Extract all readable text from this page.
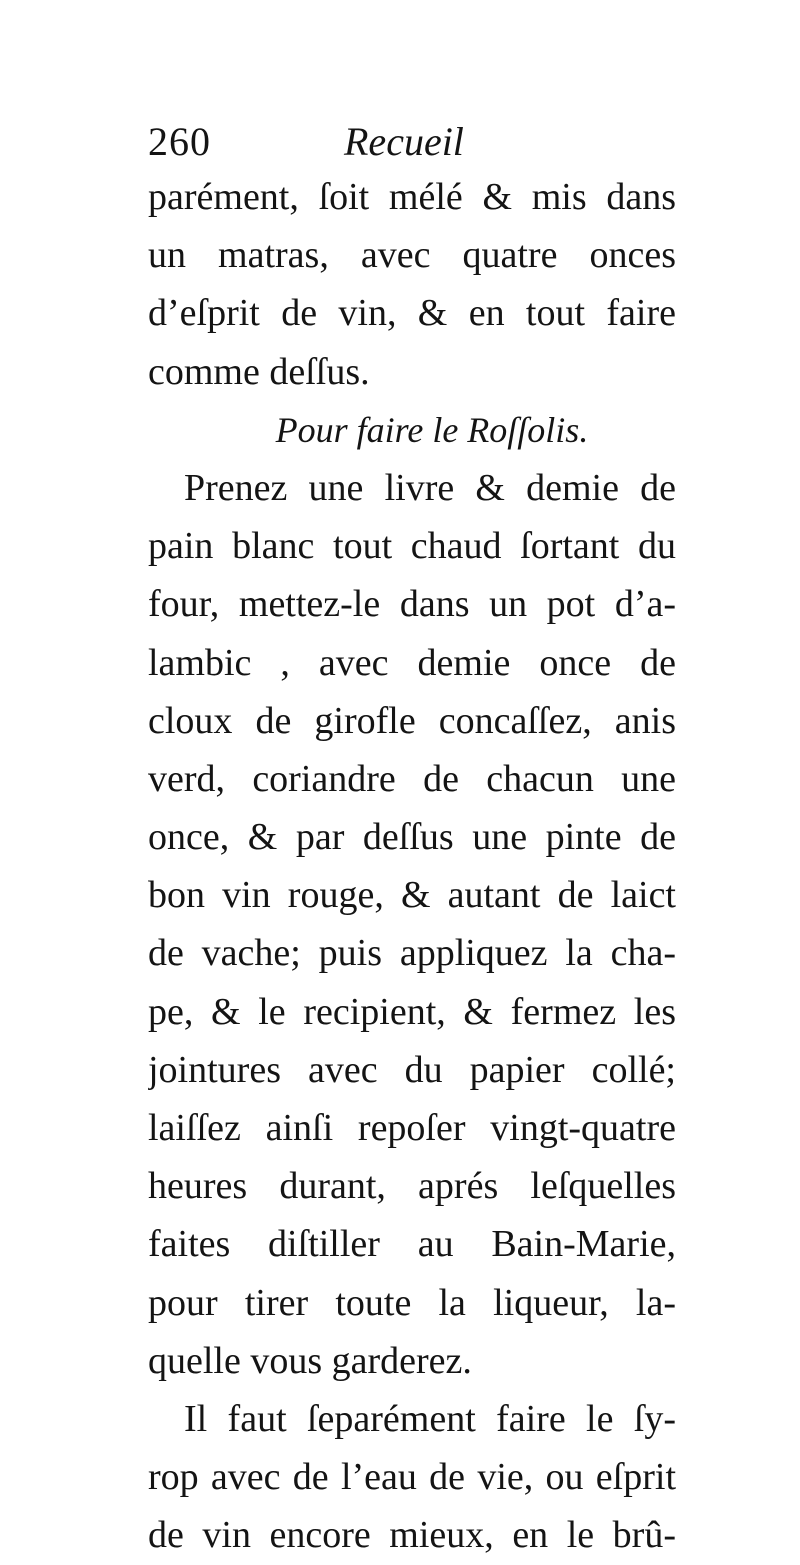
260	Recueil
parément, ſoit mélé & mis dans
un matras, avec quatre onces
d’eſprit de vin, & en tout faire
comme deſſus.
Pour faire le Roſſolis.
Prenez une livre & demie de
pain blanc tout chaud ſortant du
four, mettez-le dans un pot d’a-
lambic , avec demie once de
cloux de girofle concaſſez, anis
verd, coriandre de chacun une
once, & par deſſus une pinte de
bon vin rouge, & autant de laict
de vache; puis appliquez la cha-
pe, & le recipient, & fermez les
jointures avec du papier collé;
laiſſez ainſi repoſer vingt-quatre
heures durant, aprés leſquelles
faites diſtiller au Bain-Marie,
pour tirer toute la liqueur, la-
quelle vous garderez.
Il faut ſeparément faire le ſy-
rop avec de l’eau de vie, ou eſprit
de vin encore mieux, en le brû-
